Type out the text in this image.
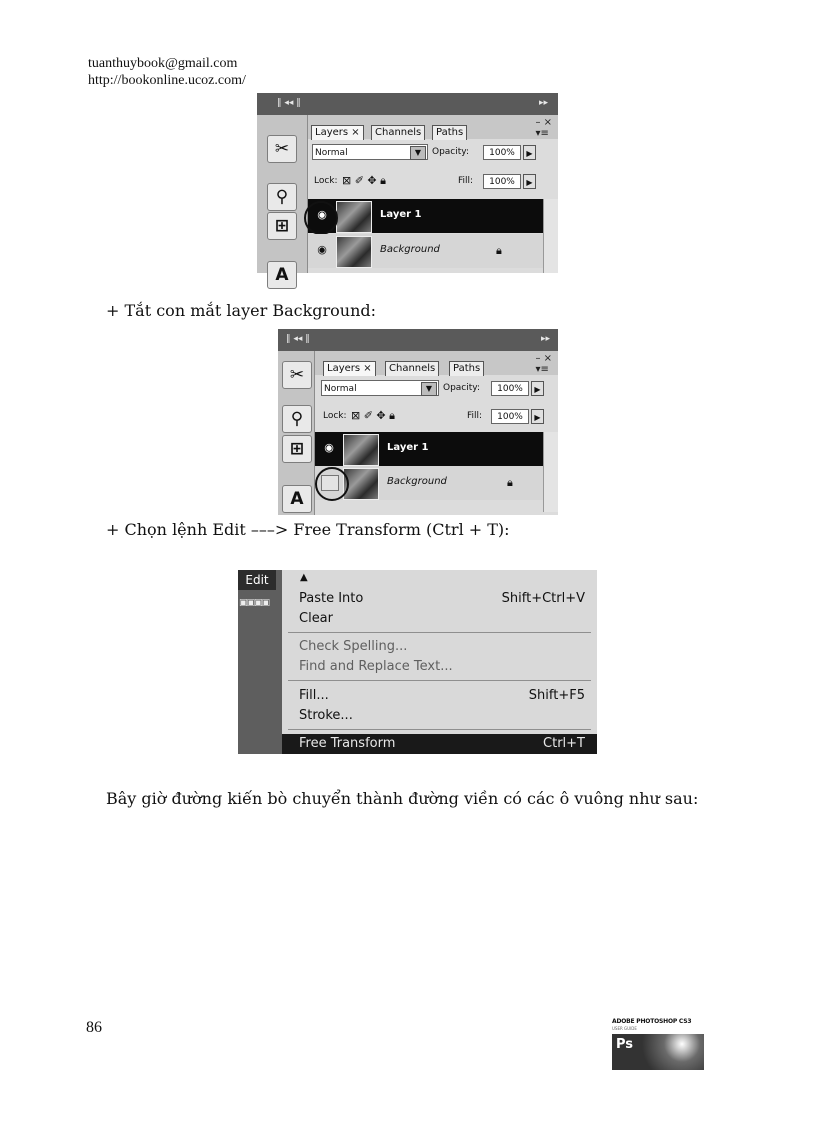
tuanthuybook@gmail.com
http://bookonline.ucoz.com/
‖ ◂◂ ‖	▸▸
✂
⚲
⊞
A
Layers ×	Channels	Paths
– ×
▾≡
Normal	▼	Opacity:	100%	▶
Lock: ⊠ ✐ ✥ 🔒︎	Fill:	100%	▶
◉	Layer 1
◉	Background	🔒︎
+ Tắt con mắt layer Background:
‖ ◂◂ ‖	▸▸
✂
⚲
⊞
A
Layers ×	Channels	Paths
– ×
▾≡
Normal	▼	Opacity:	100%	▶
Lock: ⊠ ✐ ✥ 🔒︎	Fill:	100%	▶
◉	Layer 1
Background	🔒︎
+ Chọn lệnh Edit –––> Free Transform (Ctrl + T):
Edit
▣▣▣▣
▲
Paste Into	Shift+Ctrl+V
Clear
Check Spelling...
Find and Replace Text...
Fill...	Shift+F5
Stroke...
Free Transform	Ctrl+T
Bây giờ đường kiến bò chuyển thành đường viền có các ô vuông như sau:
86	ADOBE PHOTOSHOP CS3
USER GUIDE
Ps
